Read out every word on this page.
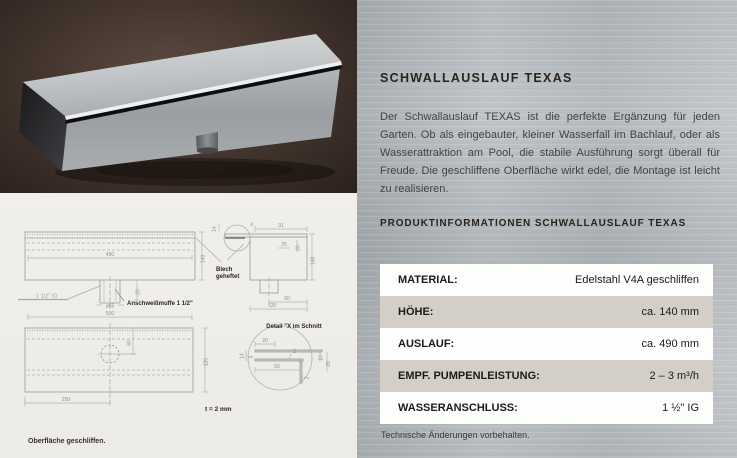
490	140
20
ø55
500
1 1/2" IG
Anschweißmuffe 1 1/2"
X	91
14
25 20
140
60
120
Blech
geheftet
Detail "X im Schnitt
20
14 5
2
50
10
20
2
60
250
120
t = 2 mm
Oberfläche geschliffen.
SCHWALLAUSLAUF TEXAS

Der Schwallauslauf TEXAS ist die perfekte Ergänzung für jeden Garten. Ob als eingebauter, kleiner Wasserfall im Bachlauf, oder als Wasserattraktion am Pool, die stabile Ausführung sorgt überall für Freude. Die geschliffene Oberfläche wirkt edel, die Montage ist leicht zu realisieren.

PRODUKTINFORMATIONEN SCHWALLAUSLAUF TEXAS
MATERIAL:	Edelstahl V4A geschliffen
HÖHE:	ca. 140 mm
AUSLAUF:	ca. 490 mm
EMPF. PUMPENLEISTUNG:	2 – 3 m³/h
WASSERANSCHLUSS:	1 ½" IG
Technische Änderungen vorbehalten.
